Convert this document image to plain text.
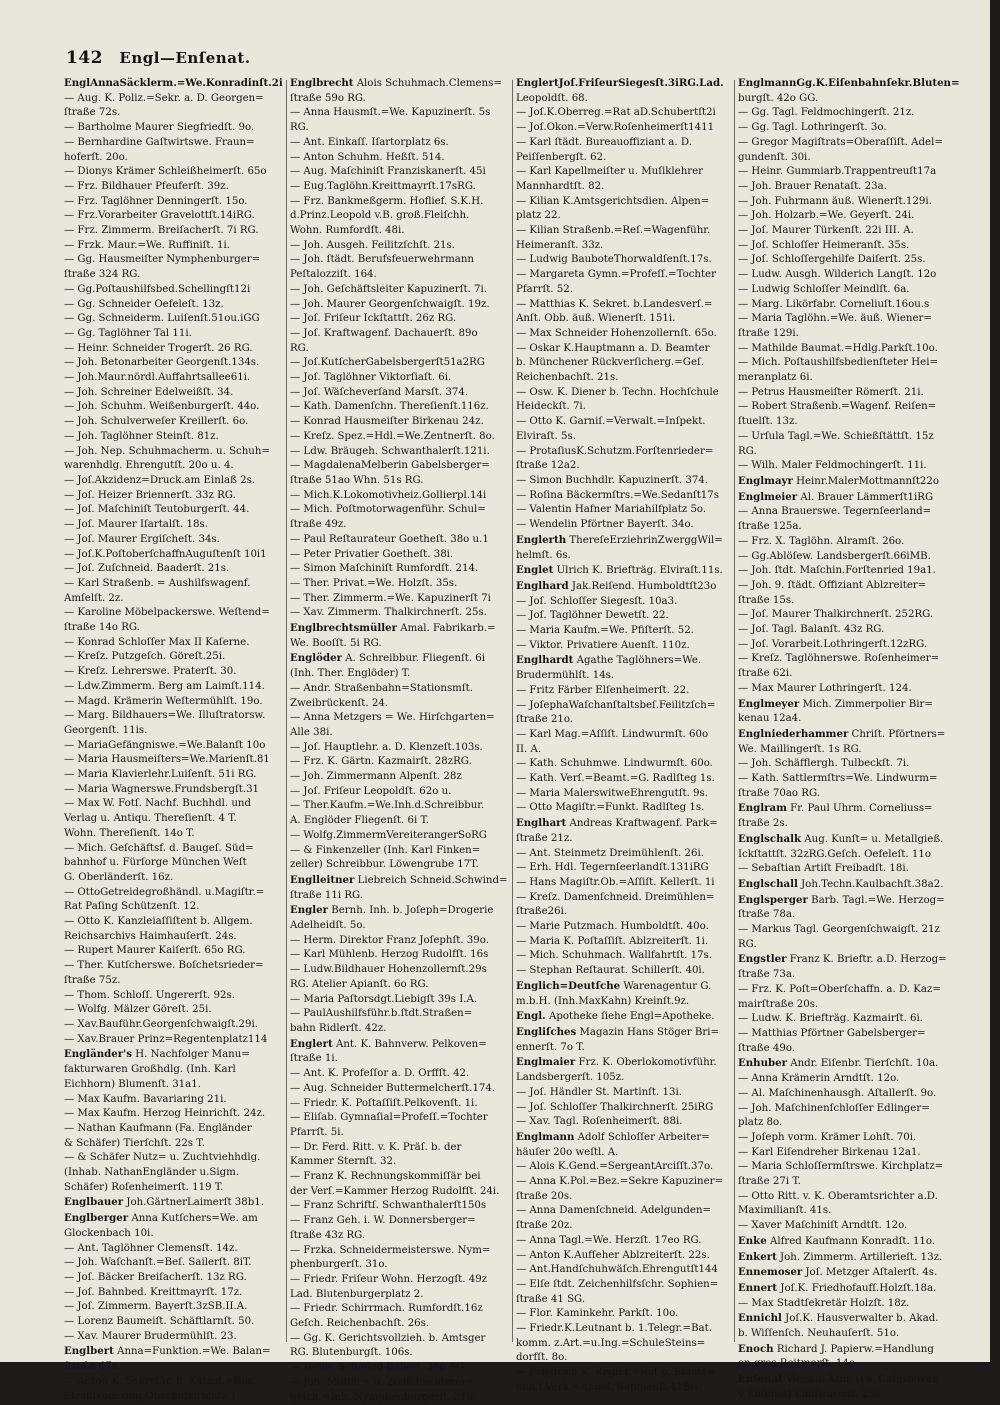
142 Engl—Enſenat.

EnglAnnaSäcklerm.=We.Konradinſt.2i

— Aug. K. Poliz.=Sekr. a. D. Georgen=

ſtraße 72s.

— Bartholme Maurer Siegfriedſt. 9o.

— Bernhardine Gaſtwirtswe. Fraun=

hoferſt. 20o.

— Dionys Krämer Schleißheimerſt. 65o

— Frz. Bildhauer Pfeuferſt. 39z.

— Frz. Taglöhner Denningerſt. 15o.

— Frz.Vorarbeiter Gravelottſt.14iRG.

— Frz. Zimmerm. Breiſacherſt. 7i RG.

— Frzk. Maur.=We. Ruffiniſt. 1i.

— Gg. Hausmeiſter Nymphenburger=

ſtraße 324 RG.

— Gg.Poſtaushilfsbed.Schellingſt12i

— Gg. Schneider Oefeleſt. 13z.

— Gg. Schneiderm. Luiſenſt.51ou.iGG

— Gg. Taglöhner Tal 11i.

— Heinr. Schneider Trogerſt. 26 RG.

— Joh. Betonarbeiter Georgenſt.134s.

— Joh.Maur.nördl.Auffahrtsallee61i.

— Joh. Schreiner Edelweißſt. 34.

— Joh. Schuhm. Weißenburgerſt. 44o.

— Joh. Schulverweſer Kreillerſt. 6o.

— Joh. Taglöhner Steinſt. 81z.

— Joh. Nep. Schuhmacherm. u. Schuh=

warenhdlg. Ehrengutſt. 20o u. 4.

— Joſ.Akzidenz=Druck.am Einlaß 2s.

— Joſ. Heizer Briennerſt. 33z RG.

— Joſ. Maſchiniſt Teutoburgerſt. 44.

— Joſ. Maurer Iſartalſt. 18s.

— Joſ. Maurer Ergiſcheſt. 34s.

— Joſ.K.PoſtoberſchaffnAuguſtenſt 10i1

— Joſ. Zuſchneid. Baaderſt. 21s.

— Karl Straßenb. = Aushilfswagenf.

Amſelſt. 2z.

— Karoline Möbelpackerswe. Weſtend=

ſtraße 14o RG.

— Konrad Schloſſer Max II Kaſerne.

— Kreſz. Putzgeſch. Göreſt.25i.

— Kreſz. Lehrerswe. Praterſt. 30.

— Ldw.Zimmerm. Berg am Laimſt.114.

— Magd. Krämerin Weſtermühlſt. 19o.

— Marg. Bildhauers=We. Illuſtratorsw.

Georgenſt. 11is.

— MariaGefängniswe.=We.Balanſt 10o

— Maria Hausmeiſters=We.Marienſt.81

— Maria Klavierlehr.Luiſenſt. 51i RG.

— Maria Wagnerswe.Frundsbergſt.31

— Max W. Fotſ. Nachf. Buchhdl. und

Verlag u. Antiqu. Thereſienſt. 4 T.

Wohn. Thereſienſt. 14o T.

— Mich. Geſchäftsf. d. Baugeſ. Süd=

bahnhof u. Fürſorge München Weſt

G. Oberländerſt. 16z.

— OttoGetreidegroßhändl. u.Magiſtr.=

Rat Paſing Schützenſt. 12.

— Otto K. Kanzleiaſſiſtent b. Allgem.

Reichsarchivs Haimhauſerſt. 24s.

— Rupert Maurer Kaiſerſt. 65o RG.

— Ther. Kutſcherswe. Boſchetsrieder=

ſtraße 75z.

— Thom. Schloſſ. Ungererſt. 92s.

— Wolfg. Mälzer Göreſt. 25i.

— Xav.Bauführ.Georgenſchwaigſt.29i.

— Xav.Brauer Prinz=Regentenplatz114

Engländer's H. Nachfolger Manu=

fakturwaren Großhdlg. (Inh. Karl

Eichhorn) Blumenſt. 31a1.

— Max Kaufm. Bavariaring 21i.

— Max Kaufm. Herzog Heinrichſt. 24z.

— Nathan Kaufmann (Fa. Engländer

& Schäfer) Tierſchſt. 22s T.

— & Schäfer Nutz= u. Zuchtviehhdlg.

(Inhab. NathanEngländer u.Sigm.

Schäfer) Roſenheimerſt. 119 T.

Englbauer Joh.GärtnerLaimerſt 38b1.

Englberger Anna Kutſchers=We. am

Glockenbach 10i.

— Ant. Taglöhner Clemensſt. 14z.

— Joh. Waſchanſt.=Beſ. Sailerſt. 8iT.

— Joſ. Bäcker Breiſacherſt. 13z RG.

— Joſ. Bahnbed. Kreittmayrſt. 17z.

— Joſ. Zimmerm. Bayerſt.3zSB.II.A.

— Lorenz Baumeiſt. Schäftlarnſt. 50.

— Xav. Maurer Brudermühlſt. 23.

Englbert Anna=Funktion.=We. Balan=

ſtraße 47s.

— Anton K. Sekretär. b. Katast.=Bur.

Straßtrudering Oberhuberplatz 1.

Englbrecht Alois Schuhmach.Clemens=

ſtraße 59o RG.

— Anna Hausmſt.=We. Kapuzinerſt. 5s

RG.

— Ant. Einkaſſ. Iſartorplatz 6s.

— Anton Schuhm. Heßſt. 514.

— Aug. Maſchiniſt Franziskanerſt. 45i

— Eug.Taglöhn.Kreittmayrſt.17sRG.

— Frz. Bankmeßgerm. Hoflief. S.K.H.

d.Prinz.Leopold v.B. groß.Fleiſchh.

Wohn. Rumfordſt. 48i.

— Joh. Ausgeh. Feilitzſchſt. 21s.

— Joh. ſtädt. Berufsfeuerwehrmann

Peſtalozziſt. 164.

— Joh. Geſchäftsleiter Kapuzinerſt. 7i.

— Joh. Maurer Georgenſchwaigſt. 19z.

— Joſ. Friſeur Ickſtattſt. 26z RG.

— Joſ. Kraftwagenf. Dachauerſt. 89o

RG.

— Joſ.KutſcherGabelsbergerſt51a2RG

— Joſ. Taglöhner Viktorſiaſt. 6i.

— Joſ. Wäſcheverſand Marsſt. 374.

— Kath. Damenſchn. Thereſienſt.116z.

— Konrad Hausmeiſter Birkenau 24z.

— Kreſz. Spez.=Hdl.=We.Zentnerſt. 8o.

— Ldw. Bräugeh. Schwanthalerſt.121i.

— MagdalenaMelberin Gabelsberger=

ſtraße 51ao Whn. 51s RG.

— Mich.K.Lokomotivheiz.Gollierpl.14i

— Mich. Poſtmotorwagenführ. Schul=

ſtraße 49z.

— Paul Reſtaurateur Goetheſt. 38o u.1

— Peter Privatier Goetheſt. 38i.

— Simon Maſchiniſt Rumfordſt. 214.

— Ther. Privat.=We. Holzſt. 35s.

— Ther. Zimmerm.=We. Kapuzinerſt 7i

— Xav. Zimmerm. Thalkirchnerſt. 25s.

Englbrechtsmüller Amal. Fabrikarb.=

We. Booſſt. 5i RG.

Englöder A. Schreibbur. Fliegenſt. 6i

(Inh. Ther. Englöder) T.

— Andr. Straßenbahn=Stationsmſt.

Zweibrückenſt. 24.

— Anna Metzgers = We. Hirſchgarten=

Alle 38i.

— Joſ. Hauptlehr. a. D. Klenzeſt.103s.

— Frz. K. Gärtn. Kazmairſt. 28zRG.

— Joh. Zimmermann Alpenſt. 28z

— Joſ. Friſeur Leopoldſt. 62o u.

— Ther.Kaufm.=We.Inh.d.Schreibbur.

A. Englöder Fliegenſt. 6i T.

— Wolfg.ZimmermVereiterangerSoRG

— & Finkenzeller (Inh. Karl Finken=

zeller) Schreibbur. Löwengrube 17T.

Englleitner Liebreich Schneid.Schwind=

ſtraße 11i RG.

Engler Bernh. Inh. b. Joſeph=Drogerie

Adelheidſt. 5o.

— Herm. Direktor Franz Joſephſt. 39o.

— Karl Mühlenb. Herzog Rudolfſt. 16s

— Ludw.Bildhauer Hohenzollernſt.29s

RG. Atelier Apianſt. 6o RG.

— Maria Paſtorsdgt.Liebigſt 39s I.A.

— PaulAushilfsführ.b.ſtdt.Straßen=

bahn Ridlerſt. 42z.

Englert Ant. K. Bahnverw. Pelkoven=

ſtraße 1i.

— Ant. K. Profeſſor a. D. Orffſt. 42.

— Aug. Schneider Buttermelcherſt.174.

— Friedr. K. Poſtaſſiſt.Pelkovenſt. 1i.

— Eliſab. Gymnaſial=Profeſſ.=Tochter

Pfarrſt. 5i.

— Dr. Ferd. Ritt. v. K. Präſ. b. der

Kammer Sternſt. 32.

— Franz K. Rechnungskommiſſär bei

der Verſ.=Kammer Herzog Rudolfſt. 24i.

— Franz Schriftſ. Schwanthalerſt150s

— Franz Geh. i. W. Donnersberger=

ſtraße 43z RG.

— Frzka. Schneidermeisterswe. Nym=

phenburgerſt. 31o.

— Friedr. Friſeur Wohn. Herzogſt. 49z

Lad. Blutenburgerplatz 2.

— Friedr. Schirrmach. Rumfordſt.16z

Geſch. Reichenbachſt. 26s.

— Gg. K. Gerichtsvollzieh. b. Amtsger

RG. Blutenburgſt. 106s.

— Heinr. Schmied Balleſt. 38o SG.

— Joh. Militär= u. Ziviſchneiderei=

geſch.=Inh. Nymphenburgerſt. 31o.

EnglertJoſ.FriſeurSiegesſt.3iRG.Lad.

Leopoldſt. 68.

— Joſ.K.Oberreg.=Rat aD.Schubertſt2i

— Joſ.Okon.=Verw.Roſenheimerſt1411

— Karl ſtädt. Bureauoffiziant a. D.

Peiſſenbergſt. 62.

— Karl Kapellmeiſter u. Muſiklehrer

Mannhardtſt. 82.

— Kilian K.Amtsgerichtsdien. Alpen=

platz 22.

— Kilian Straßenb.=Reſ.=Wagenführ.

Heimeranſt. 33z.

— Ludwig BauboteThorwaldſenſt.17s.

— Margareta Gymn.=Profeſſ.=Tochter

Pfarrſt. 52.

— Matthias K. Sekret. b.Landesverſ.=

Anſt. Obb. äuß. Wienerſt. 151i.

— Max Schneider Hohenzollernſt. 65o.

— Oskar K.Hauptmann a. D. Beamter

b. Münchener Rückverſicherg.=Geſ.

Reichenbachſt. 21s.

— Osw. K. Diener b. Techn. Hochſchule

Heideckſt. 7i.

— Otto K. Garniſ.=Verwalt.=Inſpekt.

Elviraſt. 5s.

— ProtaſiusK.Schutzm.Forſtenrieder=

ſtraße 12a2.

— Simon Buchhdlr. Kapuzinerſt. 374.

— Roſina Bäckermſtrs.=We.Sedanſt17s

— Valentin Hafner Mariahilfplatz 5o.

— Wendelin Pförtner Bayerſt. 34o.

Englerth ThereſeErziehrinZwerggWil=

helmſt. 6s.

Englet Ulrich K. Briefträg. Elviraſt.11s.

Englhard Jak.Reiſend. Humboldtſt23o

— Joſ. Schloſſer Siegesſt. 10a3.

— Joſ. Taglöhner Dewetſt. 22.

— Maria Kaufm.=We. Pfiſterſt. 52.

— Viktor. Privatiere Auenſt. 110z.

Englhardt Agathe Taglöhners=We.

Brudermühlſt. 14s.

— Fritz Färber Elſenheimerſt. 22.

— JoſephaWaſchanſtaltsbeſ.Feilitzſch=

ſtraße 21o.

— Karl Mag.=Aſſiſt. Lindwurmſt. 60o

II. A.

— Kath. Schuhmwe. Lindwurmſt. 60o.

— Kath. Verſ.=Beamt.=G. Radlſteg 1s.

— Maria MalerswitweEhrengutſt. 9s.

— Otto Magiſtr.=Funkt. Radlſteg 1s.

Englhart Andreas Kraftwagenf. Park=

ſtraße 21z.

— Ant. Steinmetz Dreimühlenſt. 26i.

— Erh. Hdl. Tegernſeerlandſt.131iRG

— Hans Magiſtr.Ob.=Aſſiſt. Kellerſt. 1i

— Kreſz. Damenſchneid. Dreimühlen=

ſtraße26i.

— Marie Putzmach. Humboldtſt. 40o.

— Maria K. Poſtaſſiſt. Ablzreiterſt. 1i.

— Mich. Schuhmach. Wallfahrtſt. 17s.

— Stephan Reſtaurat. Schillerſt. 40i.

Englich=Deutſche Warenagentur G.

m.b.H. (Inh.MaxKahn) Kreinſt.9z.

Engl. Apotheke ſiehe Engl=Apotheke.

Engliſches Magazin Hans Stöger Bri=

ennerſt. 7o T.

Englmaier Frz. K. Oberlokomotivführ.

Landsbergerſt. 105z.

— Joſ. Händler St. Martinſt. 13i.

— Joſ. Schloſſer Thalkirchnerſt. 25iRG

— Xav. Tagl. Roſenheimerſt. 88i.

Englmann Adolf Schloſſer Arbeiter=

häuſer 20o weſtl. A.

— Alois K.Gend.=SergeantArciſſt.37o.

— Anna K.Pol.=Bez.=Sekre Kapuziner=

ſtraße 20s.

— Anna Damenſchneid. Adelgunden=

ſtraße 20z.

— Anna Tagl.=We. Herzſt. 17eo RG.

— Anton K.Aufſeher Ablzreiterſt. 22s.

— Ant.Handſchuhwäſch.Ehrengutſt144

— Elſe ſtdt. Zeichenhilfsſchr. Sophien=

ſtraße 41 SG.

— Flor. Kaminkehr. Parkſt. 10o.

— Friedr.K.Leutnant b. 1.Telegr.=Bat.

komm. z.Art.=u.Ing.=SchuleSteins=

dorfſt. 8o.

— Friedrich K. Regier.=Rat b. Staats=

min.f.Verk.=Angel. Sophienſt.41SG

EnglmannGg.K.Eiſenbahnſekr.Bluten=

burgſt. 42o GG.

— Gg. Tagl. Feldmochingerſt. 21z.

— Gg. Tagl. Lothringerſt. 3o.

— Gregor Magiſtrats=Oberaſſiſt. Adel=

gundenſt. 30i.

— Heinr. Gummiarb.Trappentreuſt17a

— Joh. Brauer Renataſt. 23a.

— Joh. Fuhrmann äuß. Wienerſt.129i.

— Joh. Holzarb.=We. Geyerſt. 24i.

— Joſ. Maurer Türkenſt. 22i III. A.

— Joſ. Schloſſer Heimeranſt. 35s.

— Joſ. Schloſſergehilfe Daiſerſt. 25s.

— Ludw. Ausgh. Wilderich Langſt. 12o

— Ludwig Schloſſer Meindlſt. 6a.

— Marg. Likörfabr. Corneliuſt.16ou.s

— Maria Taglöhn.=We. äuß. Wiener=

ſtraße 129i.

— Mathilde Baumat.=Hdlg.Parkſt.10o.

— Mich. Poſtaushilfsbedienſteter Hei=

meranplatz 6i.

— Petrus Hausmeiſter Römerſt. 21i.

— Robert Straßenb.=Wagenf. Reiſen=

ſtuelſt. 13z.

— Urſula Tagl.=We. Schießſtättſt. 15z

RG.

— Wilh. Maler Feldmochingerſt. 11i.

Englmayr Heinr.MalerMottmannſt22o

Englmeier Al. Brauer Lämmerſt1iRG

— Anna Brauerswe. Tegernſeerland=

ſtraße 125a.

— Frz. X. Taglöhn. Alramſt. 26o.

— Gg.Ablöſew. Landsbergerſt.66iMB.

— Joh. ſtdt. Maſchin.Forſtenried 19a1.

— Joh. 9. ſtädt. Offiziant Ablzreiter=

ſtraße 15s.

— Joſ. Maurer Thalkirchnerſt. 252RG.

— Joſ. Tagl. Balanſt. 43z RG.

— Joſ. Vorarbeit.Lothringerſt.12zRG.

— Kreſz. Taglöhnerswe. Roſenheimer=

ſtraße 62i.

— Max Maurer Lothringerſt. 124.

Englmeyer Mich. Zimmerpolier Bir=

kenau 12a4.

Englniederhammer Chriſt. Pförtners=

We. Maillingerſt. 1s RG.

— Joh. Schäfflergh. Tulbeckſt. 7i.

— Kath. Sattlermſtrs=We. Lindwurm=

ſtraße 70ao RG.

Englram Fr. Paul Uhrm. Corneliuss=

ſtraße 2s.

Englschalk Aug. Kunſt= u. Metallgieß.

Ickſtattſt. 32zRG.Geſch. Oefeleſt. 11o

— Sebaſtian Artiſt Freibadſt. 18i.

Englschall Joh.Techn.Kaulbachſt.38a2.

Englsperger Barb. Tagl.=We. Herzog=

ſtraße 78a.

— Markus Tagl. Georgenſchwaigſt. 21z

RG.

Engstler Franz K. Brieftr. a.D. Herzog=

ſtraße 73a.

— Frz. K. Poſt=Oberſchaffn. a. D. Kaz=

mairſtraße 20s.

— Ludw. K. Briefträg. Kazmairſt. 6i.

— Matthias Pförtner Gabelsberger=

ſtraße 49o.

Enhuber Andr. Eiſenbr. Tierſchſt. 10a.

— Anna Krämerin Arndtſt. 12o.

— Al. Maſchinenhausgh. Aſtallerſt. 9o.

— Joh. Maſchinenſchloſſer Edlinger=

platz 8o.

— Joſeph vorm. Krämer Lohſt. 70i.

— Karl Eiſendreher Birkenau 12a1.

— Maria Schloſſermſtrswe. Kirchplatz=

ſtraße 27i T.

— Otto Ritt. v. K. Oberamtsrichter a.D.

Maximilianſt. 41s.

— Xaver Maſchiniſt Arndtſt. 12o.

Enke Alfred Kaufmann Konradſt. 11o.

Enkert Joh. Zimmerm. Artillerieſt. 13z.

Ennemoser Joſ. Metzger Aſtalerſt. 4s.

Ennert Joſ.K. Friedhofaufſ.Holzſt.18a.

— Max Stadtſekretär Holzſt. 18z.

Ennichl Joſ.K. Hausverwalter b. Akad.

b. Wiſſenſch. Neuhauſerſt. 51o.

Enoch Richard J. Papierw.=Handlung

en gros Reitmorſt. 14o.

Enſenat Vicente Kfm. (Fa. Caſasnovas

y Enſenat) Lindwurmſt. 25s.
